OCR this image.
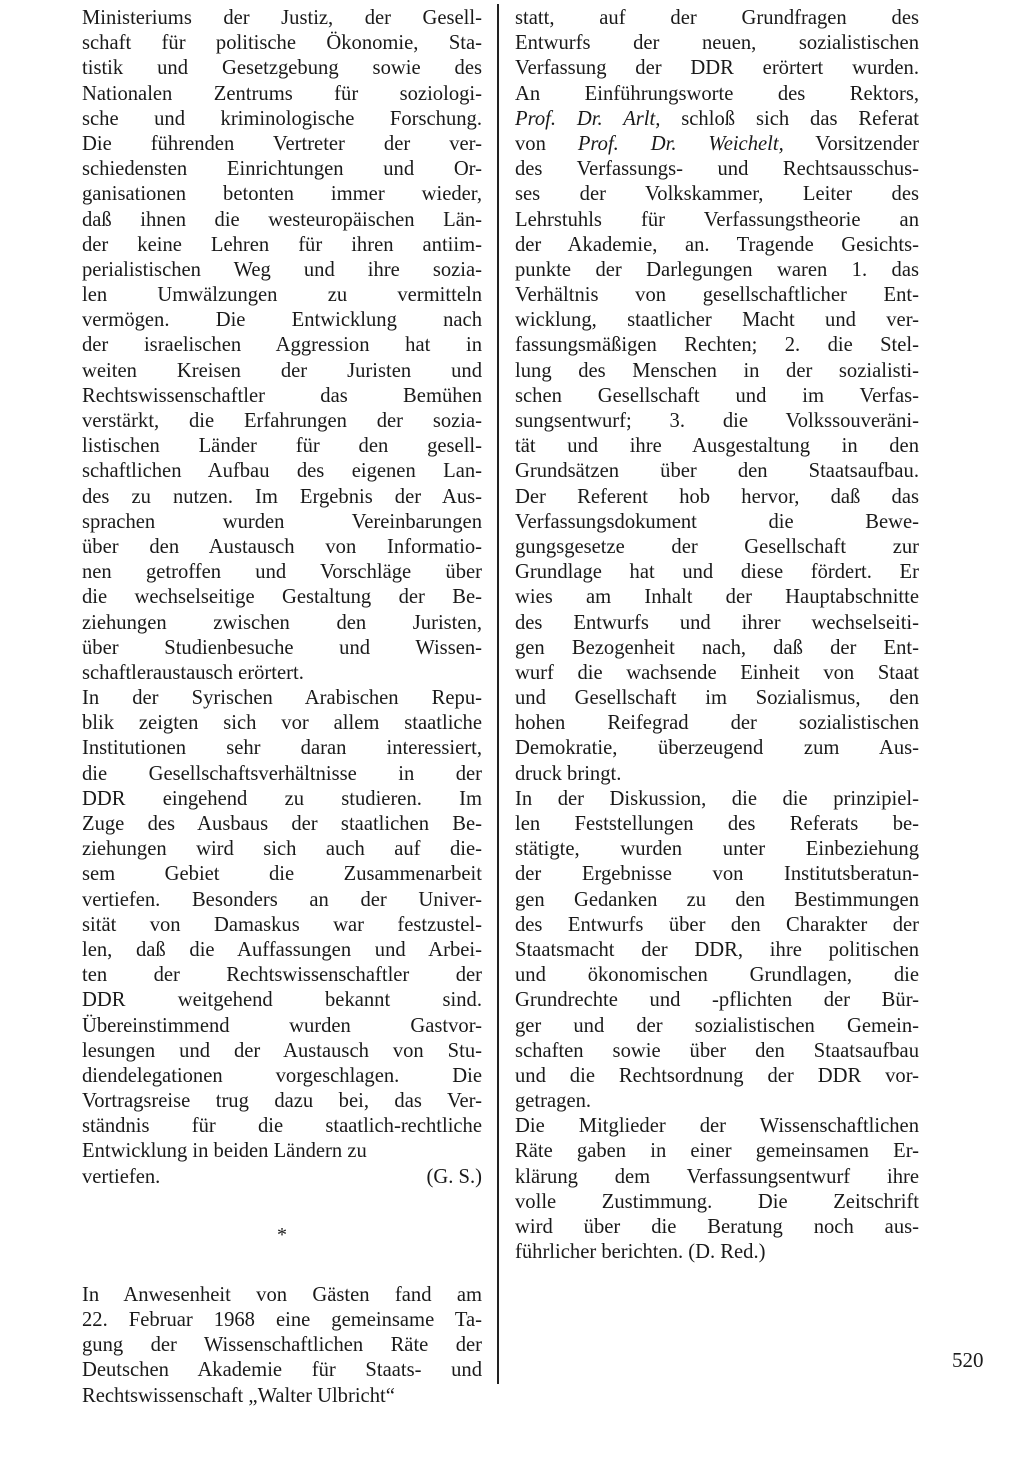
Ministeriums der Justiz, der Gesell-
schaft für politische Ökonomie, Sta-
tistik und Gesetzgebung sowie des
Nationalen Zentrums für soziologi-
sche und kriminologische Forschung.
Die führenden Vertreter der ver-
schiedensten Einrichtungen und Or-
ganisationen betonten immer wieder,
daß ihnen die westeuropäischen Län-
der keine Lehren für ihren antiim-
perialistischen Weg und ihre sozia-
len Umwälzungen zu vermitteln
vermögen. Die Entwicklung nach
der israelischen Aggression hat in
weiten Kreisen der Juristen und
Rechtswissenschaftler das Bemühen
verstärkt, die Erfahrungen der sozia-
listischen Länder für den gesell-
schaftlichen Aufbau des eigenen Lan-
des zu nutzen. Im Ergebnis der Aus-
sprachen wurden Vereinbarungen
über den Austausch von Informatio-
nen getroffen und Vorschläge über
die wechselseitige Gestaltung der Be-
ziehungen zwischen den Juristen,
über Studienbesuche und Wissen-
schaftleraustausch erörtert.
In der Syrischen Arabischen Repu-
blik zeigten sich vor allem staatliche
Institutionen sehr daran interessiert,
die Gesellschaftsverhältnisse in der
DDR eingehend zu studieren. Im
Zuge des Ausbaus der staatlichen Be-
ziehungen wird sich auch auf die-
sem Gebiet die Zusammenarbeit
vertiefen. Besonders an der Univer-
sität von Damaskus war festzustel-
len, daß die Auffassungen und Arbei-
ten der Rechtswissenschaftler der
DDR weitgehend bekannt sind.
Übereinstimmend wurden Gastvor-
lesungen und der Austausch von Stu-
diendelegationen vorgeschlagen. Die
Vortragsreise trug dazu bei, das Ver-
ständnis für die staatlich-rechtliche
Entwicklung in beiden Ländern zu
vertiefen.	(G. S.)
*
In Anwesenheit von Gästen fand am
22. Februar 1968 eine gemeinsame Ta-
gung der Wissenschaftlichen Räte der
Deutschen Akademie für Staats- und
Rechtswissenschaft „Walter Ulbricht“
statt, auf der Grundfragen des
Entwurfs der neuen, sozialistischen
Verfassung der DDR erörtert wurden.
An Einführungsworte des Rektors,
Prof. Dr. Arlt, schloß sich das Referat
von Prof. Dr. Weichelt, Vorsitzender
des Verfassungs- und Rechtsausschus-
ses der Volkskammer, Leiter des
Lehrstuhls für Verfassungstheorie an
der Akademie, an. Tragende Gesichts-
punkte der Darlegungen waren 1. das
Verhältnis von gesellschaftlicher Ent-
wicklung, staatlicher Macht und ver-
fassungsmäßigen Rechten; 2. die Stel-
lung des Menschen in der sozialisti-
schen Gesellschaft und im Verfas-
sungsentwurf; 3. die Volkssouveräni-
tät und ihre Ausgestaltung in den
Grundsätzen über den Staatsaufbau.
Der Referent hob hervor, daß das
Verfassungsdokument die Bewe-
gungsgesetze der Gesellschaft zur
Grundlage hat und diese fördert. Er
wies am Inhalt der Hauptabschnitte
des Entwurfs und ihrer wechselseiti-
gen Bezogenheit nach, daß der Ent-
wurf die wachsende Einheit von Staat
und Gesellschaft im Sozialismus, den
hohen Reifegrad der sozialistischen
Demokratie, überzeugend zum Aus-
druck bringt.
In der Diskussion, die die prinzipiel-
len Feststellungen des Referats be-
stätigte, wurden unter Einbeziehung
der Ergebnisse von Institutsberatun-
gen Gedanken zu den Bestimmungen
des Entwurfs über den Charakter der
Staatsmacht der DDR, ihre politischen
und ökonomischen Grundlagen, die
Grundrechte und -pflichten der Bür-
ger und der sozialistischen Gemein-
schaften sowie über den Staatsaufbau
und die Rechtsordnung der DDR vor-
getragen.
Die Mitglieder der Wissenschaftlichen
Räte gaben in einer gemeinsamen Er-
klärung dem Verfassungsentwurf ihre
volle Zustimmung. Die Zeitschrift
wird über die Beratung noch aus-
führlicher berichten. (D. Red.)
520
